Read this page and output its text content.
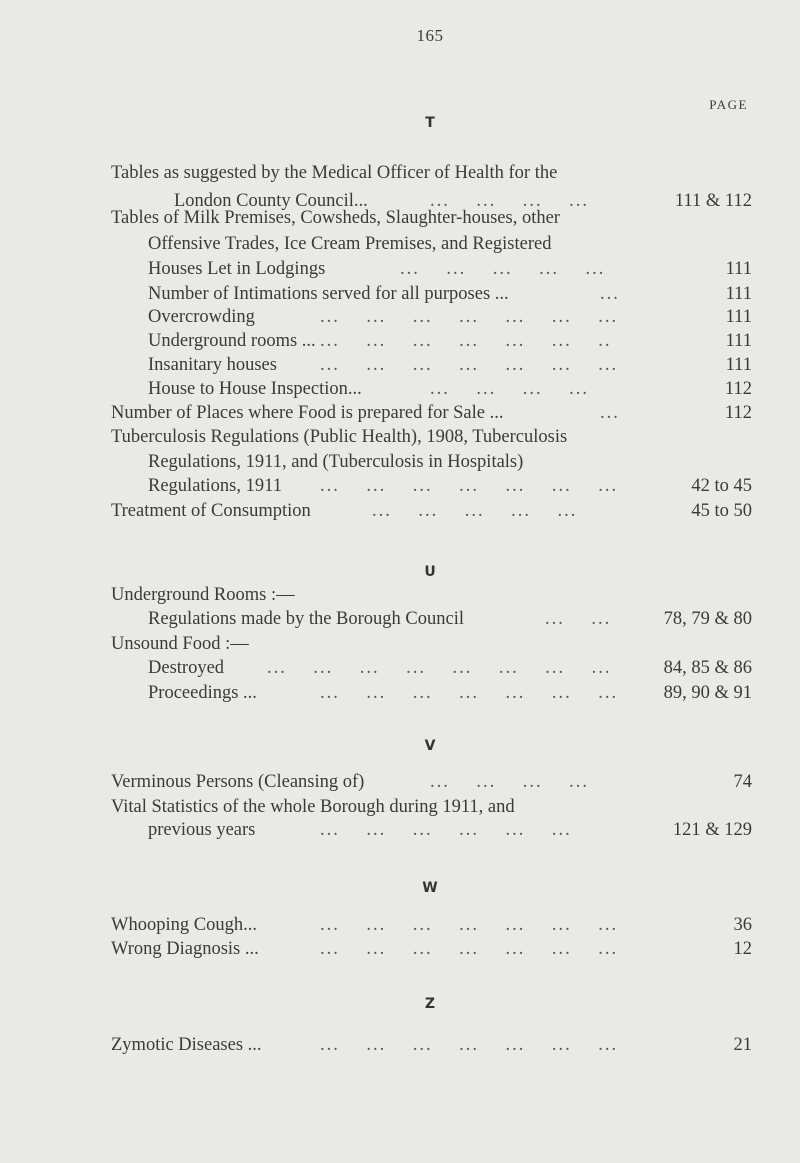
165
PAGE
T
Tables as suggested by the Medical Officer of Health for the
London County Council...	...    ...    ...    ...	111 & 112
Tables of Milk Premises, Cowsheds, Slaughter-houses, other
Offensive Trades, Ice Cream Premises, and Registered
Houses Let in Lodgings	...    ...    ...    ...    ...	111
Number of Intimations served for all purposes ...	...	111
Overcrowding	...    ...    ...    ...    ...    ...    ...	111
Underground rooms ... ...    ...    ...    ...    ...    ...    ..	111
Insanitary houses ...    ...    ...    ...    ...    ...    ...	111
House to House Inspection...	...    ...    ...    ...	112
Number of Places where Food is prepared for Sale ...	...	112
Tuberculosis Regulations (Public Health), 1908, Tuberculosis
Regulations, 1911, and (Tuberculosis in Hospitals)
Regulations, 1911 ...    ...    ...    ...    ...    ...    ...	42 to 45
Treatment of Consumption	...    ...    ...    ...    ...	45 to 50
U
Underground Rooms :—
Regulations made by the Borough Council	...    ...	78, 79 & 80
Unsound Food :—
Destroyed ...    ...    ...    ...    ...    ...    ...    ...	84, 85 & 86
Proceedings ...	...    ...    ...    ...    ...    ...    ... 89, 90 & 91
V
Verminous Persons (Cleansing of)	...    ...    ...    ...	74
Vital Statistics of the whole Borough during 1911, and
previous years	...    ...    ...    ...    ...    ...	121 & 129
W
Whooping Cough...	...    ...    ...    ...    ...    ...    ...	36
Wrong Diagnosis ...	...    ...    ...    ...    ...    ...    ...	12
Z
Zymotic Diseases ...	...    ...    ...    ...    ...    ...    ...	21
